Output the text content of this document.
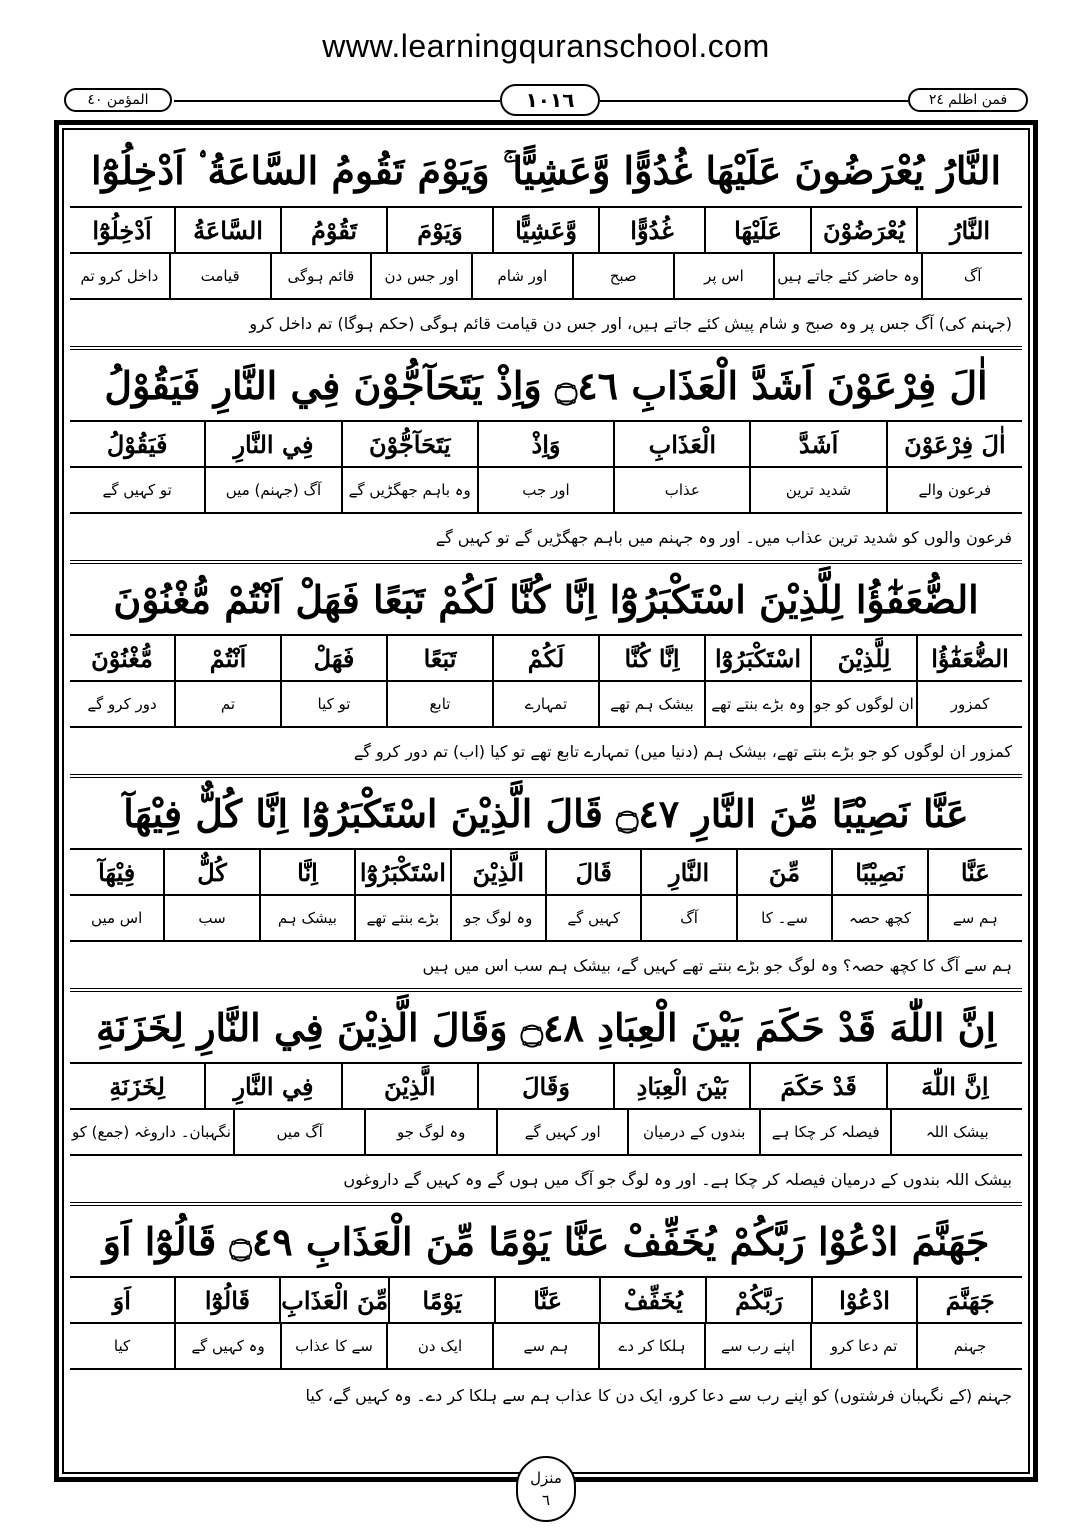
www.learningquranschool.com
المؤمن ٤٠	١٠١٦	فمن اظلم ٢٤
النَّارُ يُعْرَضُونَ عَلَيْهَا غُدُوًّا وَّعَشِيًّا ۚ وَيَوْمَ تَقُومُ السَّاعَةُ ۟ اَدْخِلُوْٓا
النَّارُ
يُعْرَضُوْنَ
عَلَيْهَا
غُدُوًّا
وَّعَشِيًّا
وَيَوْمَ
تَقُوْمُ
السَّاعَةُ
اَدْخِلُوْٓا
آگ
وہ حاضر کئے جاتے ہیں
اس پر
صبح
اور شام
اور جس دن
قائم ہوگی
قیامت
داخل کرو تم
(جہنم کی) آگ جس پر وہ صبح و شام پیش کئے جاتے ہیں، اور جس دن قیامت قائم ہوگی (حکم ہوگا) تم داخل کرو
اٰلَ فِرْعَوْنَ اَشَدَّ الْعَذَابِ ۝٤٦ وَاِذْ يَتَحَآجُّوْنَ فِي النَّارِ فَيَقُوْلُ
اٰلَ فِرْعَوْنَ
اَشَدَّ
الْعَذَابِ
وَاِذْ
يَتَحَآجُّوْنَ
فِي النَّارِ
فَيَقُوْلُ
فرعون والے
شدید ترین
عذاب
اور جب
وہ باہم جھگڑیں گے
آگ (جہنم) میں
تو کہیں گے
فرعون والوں کو شدید ترین عذاب میں۔ اور وہ جہنم میں باہم جھگڑیں گے تو کہیں گے
الضُّعَفٰٓؤُا لِلَّذِيْنَ اسْتَكْبَرُوْٓا اِنَّا كُنَّا لَكُمْ تَبَعًا فَهَلْ اَنْتُمْ مُّغْنُوْنَ
الضُّعَفٰٓؤُا
لِلَّذِيْنَ
اسْتَكْبَرُوْٓا
اِنَّا كُنَّا
لَكُمْ
تَبَعًا
فَهَلْ
اَنْتُمْ
مُّغْنُوْنَ
کمزور
ان لوگوں کو جو
وہ بڑے بنتے تھے
بیشک ہم تھے
تمہارے
تابع
تو کیا
تم
دور کرو گے
کمزور ان لوگوں کو جو بڑے بنتے تھے، بیشک ہم (دنیا میں) تمہارے تابع تھے تو کیا (اب) تم دور کرو گے
عَنَّا نَصِيْبًا مِّنَ النَّارِ ۝٤٧ قَالَ الَّذِيْنَ اسْتَكْبَرُوْٓا اِنَّا كُلٌّ فِيْهَآ
عَنَّا
نَصِيْبًا
مِّنَ
النَّارِ
قَالَ
الَّذِيْنَ
اسْتَكْبَرُوْٓا
اِنَّا
كُلٌّ
فِيْهَآ
ہم سے
کچھ حصہ
سے۔ کا
آگ
کہیں گے
وہ لوگ جو
بڑے بنتے تھے
بیشک ہم
سب
اس میں
ہم سے آگ کا کچھ حصہ؟ وہ لوگ جو بڑے بنتے تھے کہیں گے، بیشک ہم سب اس میں ہیں
اِنَّ اللّٰهَ قَدْ حَكَمَ بَيْنَ الْعِبَادِ ۝٤٨ وَقَالَ الَّذِيْنَ فِي النَّارِ لِخَزَنَةِ
اِنَّ اللّٰهَ
قَدْ حَكَمَ
بَيْنَ الْعِبَادِ
وَقَالَ
الَّذِيْنَ
فِي النَّارِ
لِخَزَنَةِ
بیشک اللہ
فیصلہ کر چکا ہے
بندوں کے درمیان
اور کہیں گے
وہ لوگ جو
آگ میں
نگہبان۔ داروغہ (جمع) کو
بیشک اللہ بندوں کے درمیان فیصلہ کر چکا ہے۔ اور وہ لوگ جو آگ میں ہوں گے وہ کہیں گے داروغوں
جَهَنَّمَ ادْعُوْا رَبَّكُمْ يُخَفِّفْ عَنَّا يَوْمًا مِّنَ الْعَذَابِ ۝٤٩ قَالُوْٓا اَوَ
جَهَنَّمَ
ادْعُوْا
رَبَّكُمْ
يُخَفِّفْ
عَنَّا
يَوْمًا
مِّنَ الْعَذَابِ
قَالُوْٓا
اَوَ
جہنم
تم دعا کرو
اپنے رب سے
ہلکا کر دے
ہم سے
ایک دن
سے کا عذاب
وہ کہیں گے
کیا
جہنم (کے نگہبان فرشتوں) کو اپنے رب سے دعا کرو، ایک دن کا عذاب ہم سے ہلکا کر دے۔ وہ کہیں گے، کیا
منزل
٦
